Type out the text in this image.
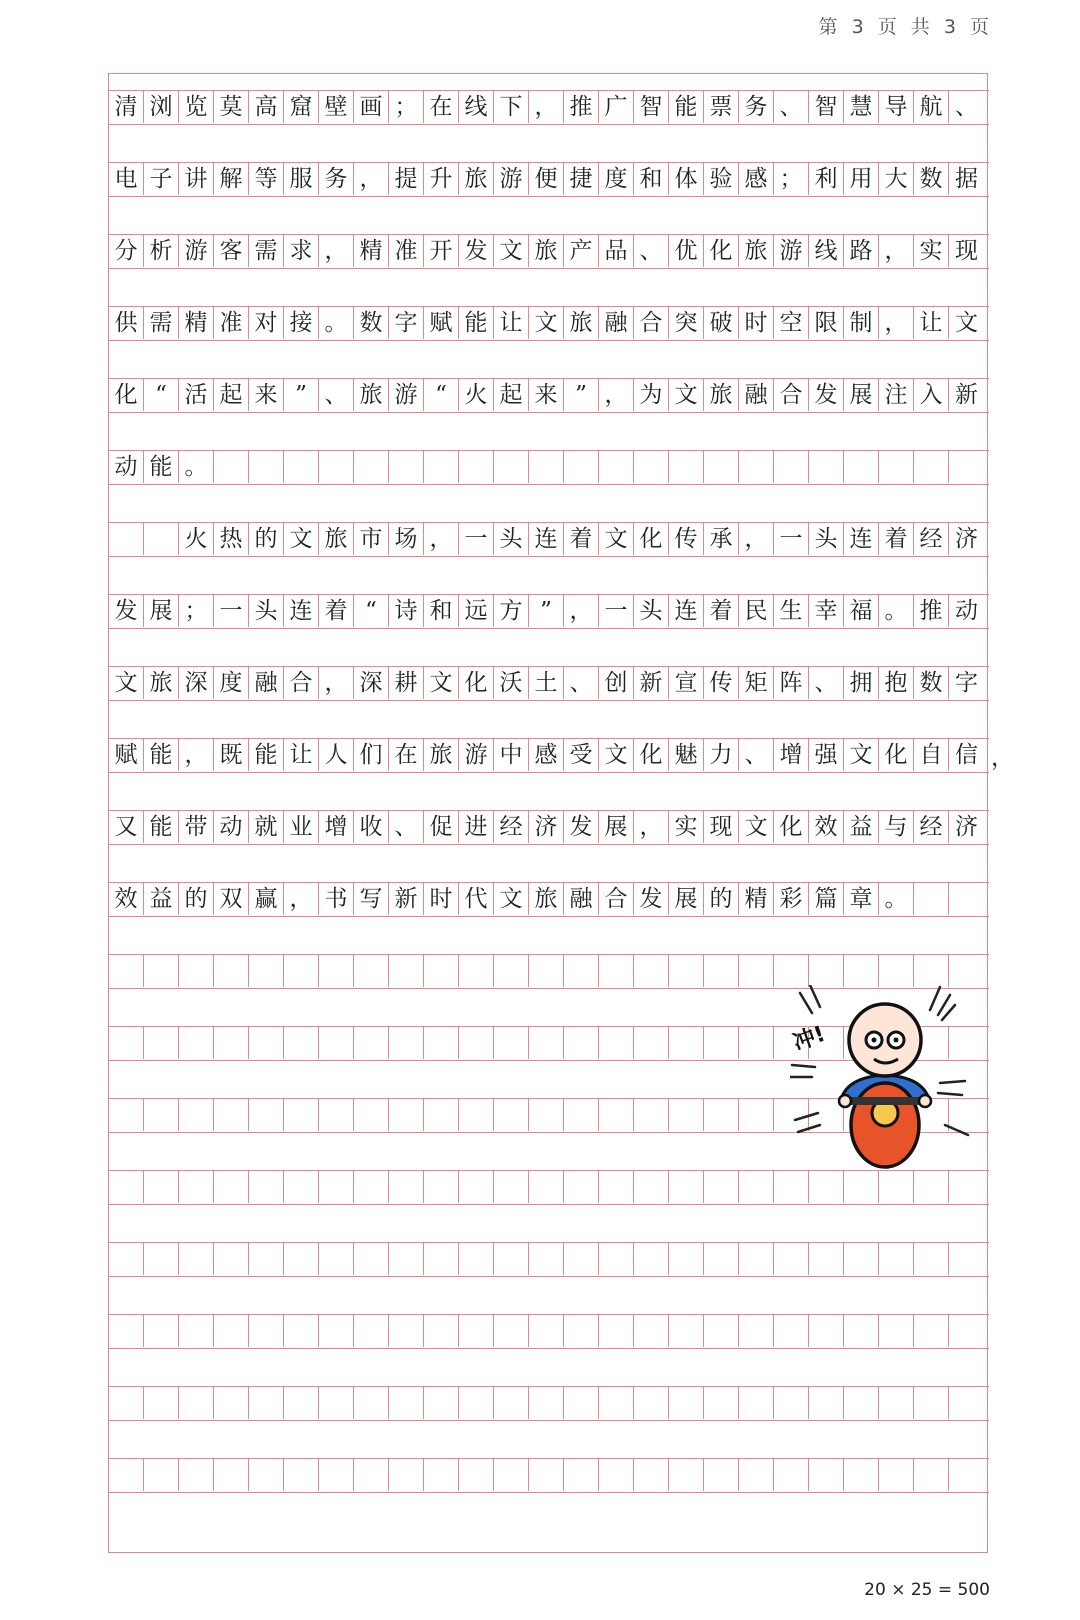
第 3 页 共 3 页
清 浏 览 莫 高 窟 壁 画 ； 在 线 下 ， 推 广 智 能 票 务 、 智 慧 导 航 、
电 子 讲 解 等 服 务 ， 提 升 旅 游 便 捷 度 和 体 验 感 ； 利 用 大 数 据
分 析 游 客 需 求 ， 精 准 开 发 文 旅 产 品 、 优 化 旅 游 线 路 ， 实 现
供 需 精 准 对 接 。 数 字 赋 能 让 文 旅 融 合 突 破 时 空 限 制 ， 让 文
化 “ 活 起 来 ” 、 旅 游 “ 火 起 来 ” ， 为 文 旅 融 合 发 展 注 入 新
动 能 。
火 热 的 文 旅 市 场 ， 一 头 连 着 文 化 传 承 ， 一 头 连 着 经 济
发 展 ； 一 头 连 着 “ 诗 和 远 方 ” ， 一 头 连 着 民 生 幸 福 。 推 动
文 旅 深 度 融 合 ， 深 耕 文 化 沃 土 、 创 新 宣 传 矩 阵 、 拥 抱 数 字
赋 能 ， 既 能 让 人 们 在 旅 游 中 感 受 文 化 魅 力 、 增 强 文 化 自 信 ，
又 能 带 动 就 业 增 收 、 促 进 经 济 发 展 ， 实 现 文 化 效 益 与 经 济
效 益 的 双 赢 ， 书 写 新 时 代 文 旅 融 合 发 展 的 精 彩 篇 章 。
冲!
20 × 25 = 500
